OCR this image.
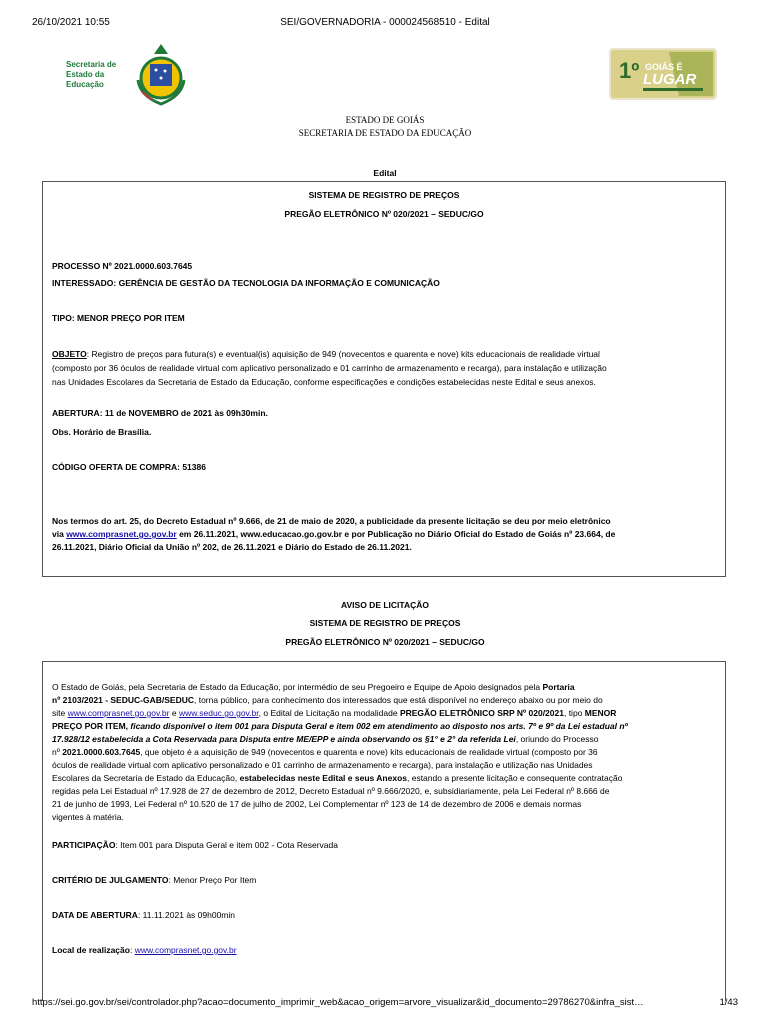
26/10/2021 10:55	SEI/GOVERNADORIA - 000024568510 - Edital
Secretaria de
Estado da
Educação
1º GOIÁS É
LUGAR
ESTADO DE GOIÁS
SECRETARIA DE ESTADO DA EDUCAÇÃO
Edital
SISTEMA DE REGISTRO DE PREÇOS
PREGÃO ELETRÔNICO Nº 020/2021 – SEDUC/GO
PROCESSO Nº 2021.0000.603.7645
INTERESSADO: GERÊNCIA DE GESTÃO DA TECNOLOGIA DA INFORMAÇÃO E COMUNICAÇÃO
TIPO: MENOR PREÇO POR ITEM
OBJETO: Registro de preços para futura(s) e eventual(is) aquisição de 949 (novecentos e quarenta e nove) kits educacionais de realidade virtual
(composto por 36 óculos de realidade virtual com aplicativo personalizado e 01 carrinho de armazenamento e recarga), para instalação e utilização
nas Unidades Escolares da Secretaria de Estado da Educação, conforme especificações e condições estabelecidas neste Edital e seus anexos.
ABERTURA: 11 de NOVEMBRO de 2021 às 09h30min.
Obs. Horário de Brasília.
CÓDIGO OFERTA DE COMPRA: 51386
Nos termos do art. 25, do Decreto Estadual nº 9.666, de 21 de maio de 2020, a publicidade da presente licitação se deu por meio eletrônico
via www.comprasnet.go.gov.br em 26.11.2021, www.educacao.go.gov.br e por Publicação no Diário Oficial do Estado de Goiás nº 23.664, de
26.11.2021, Diário Oficial da União nº 202, de 26.11.2021 e Diário do Estado de 26.11.2021.
AVISO DE LICITAÇÃO
SISTEMA DE REGISTRO DE PREÇOS
PREGÃO ELETRÔNICO Nº 020/2021 – SEDUC/GO
O Estado de Goiás, pela Secretaria de Estado da Educação, por intermédio de seu Pregoeiro e Equipe de Apoio designados pela Portaria
nº 2103/2021 - SEDUC-GAB/SEDUC, torna público, para conhecimento dos interessados que está disponível no endereço abaixo ou por meio do
site www.comprasnet.go.gov.br e www.seduc.go.gov.br, o Edital de Licitação na modalidade PREGÃO ELETRÔNICO SRP Nº 020/2021, tipo MENOR
PREÇO POR ITEM, ficando disponível o item 001 para Disputa Geral e item 002 em atendimento ao disposto nos arts. 7º e 9º da Lei estadual nº
17.928/12 estabelecida a Cota Reservada para Disputa entre ME/EPP e ainda observando os §1° e 2° da referida Lei, oriundo do Processo
nº 2021.0000.603.7645, que objeto é a aquisição de 949 (novecentos e quarenta e nove) kits educacionais de realidade virtual (composto por 36
óculos de realidade virtual com aplicativo personalizado e 01 carrinho de armazenamento e recarga), para instalação e utilização nas Unidades
Escolares da Secretaria de Estado da Educação, estabelecidas neste Edital e seus Anexos, estando a presente licitação e consequente contratação
regidas pela Lei Estadual nº 17.928 de 27 de dezembro de 2012, Decreto Estadual nº 9.666/2020, e, subsidiariamente, pela Lei Federal nº 8.666 de
21 de junho de 1993, Lei Federal nº 10.520 de 17 de julho de 2002, Lei Complementar nº 123 de 14 de dezembro de 2006 e demais normas
vigentes à matéria.
PARTICIPAÇÃO: Item 001 para Disputa Geral e item 002 - Cota Reservada
CRITÉRIO DE JULGAMENTO: Menor Preço Por Item
DATA DE ABERTURA: 11.11.2021 às 09h00min
Local de realização: www.comprasnet.go.gov.br
https://sei.go.gov.br/sei/controlador.php?acao=documento_imprimir_web&acao_origem=arvore_visualizar&id_documento=29786270&infra_sist…	1/43
